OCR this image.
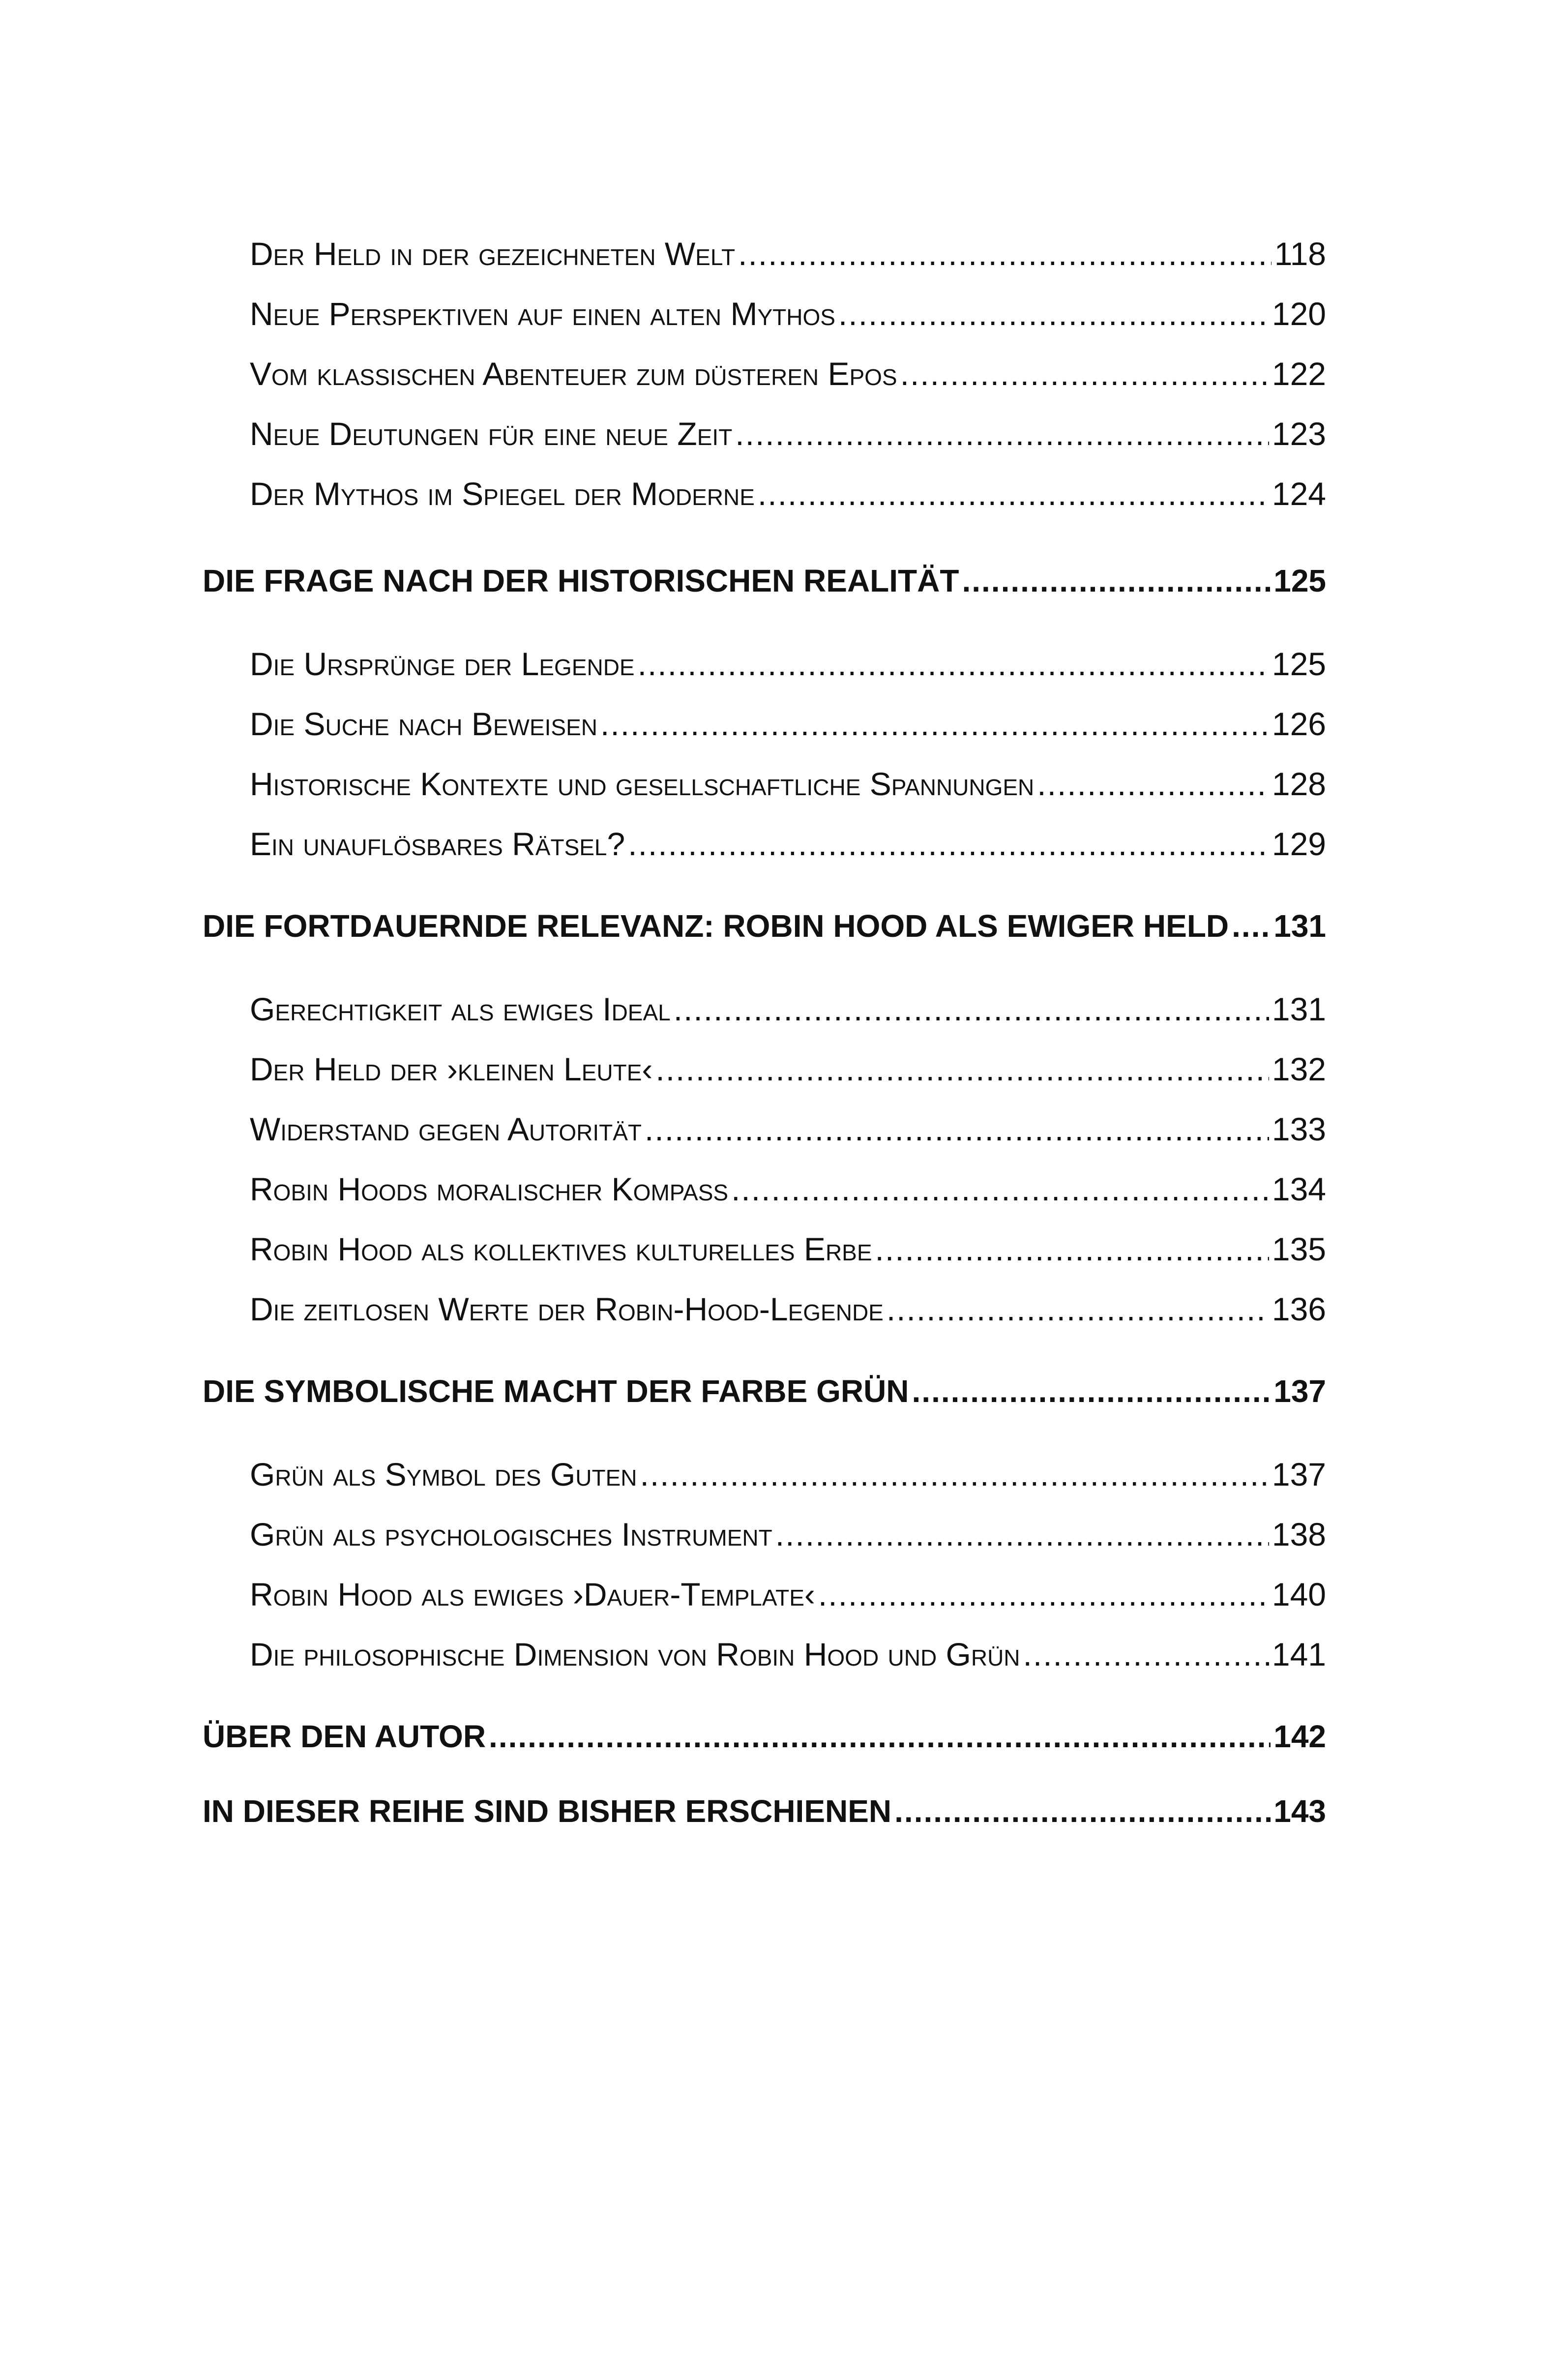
Der Held in der gezeichneten Welt .....	118
Neue Perspektiven auf einen alten Mythos .....	120
Vom klassischen Abenteuer zum düsteren Epos .....	122
Neue Deutungen für eine neue Zeit .....	123
Der Mythos im Spiegel der Moderne .....	124
DIE FRAGE NACH DER HISTORISCHEN REALITÄT .....	125
Die Ursprünge der Legende .....	125
Die Suche nach Beweisen .....	126
Historische Kontexte und gesellschaftliche Spannungen .....	128
Ein unauflösbares Rätsel? .....	129
DIE FORTDAUERNDE RELEVANZ: ROBIN HOOD ALS EWIGER HELD ..... 131
Gerechtigkeit als ewiges Ideal .....	131
Der Held der ›kleinen Leute‹ .....	132
Widerstand gegen Autorität .....	133
Robin Hoods moralischer Kompass .....	134
Robin Hood als kollektives kulturelles Erbe .....	135
Die zeitlosen Werte der Robin-Hood-Legende .....	136
DIE SYMBOLISCHE MACHT DER FARBE GRÜN .....	137
Grün als Symbol des Guten .....	137
Grün als psychologisches Instrument .....	138
Robin Hood als ewiges ›Dauer-Template‹ .....	140
Die philosophische Dimension von Robin Hood und Grün .....	141
ÜBER DEN AUTOR .....	142
IN DIESER REIHE SIND BISHER ERSCHIENEN .....	143
